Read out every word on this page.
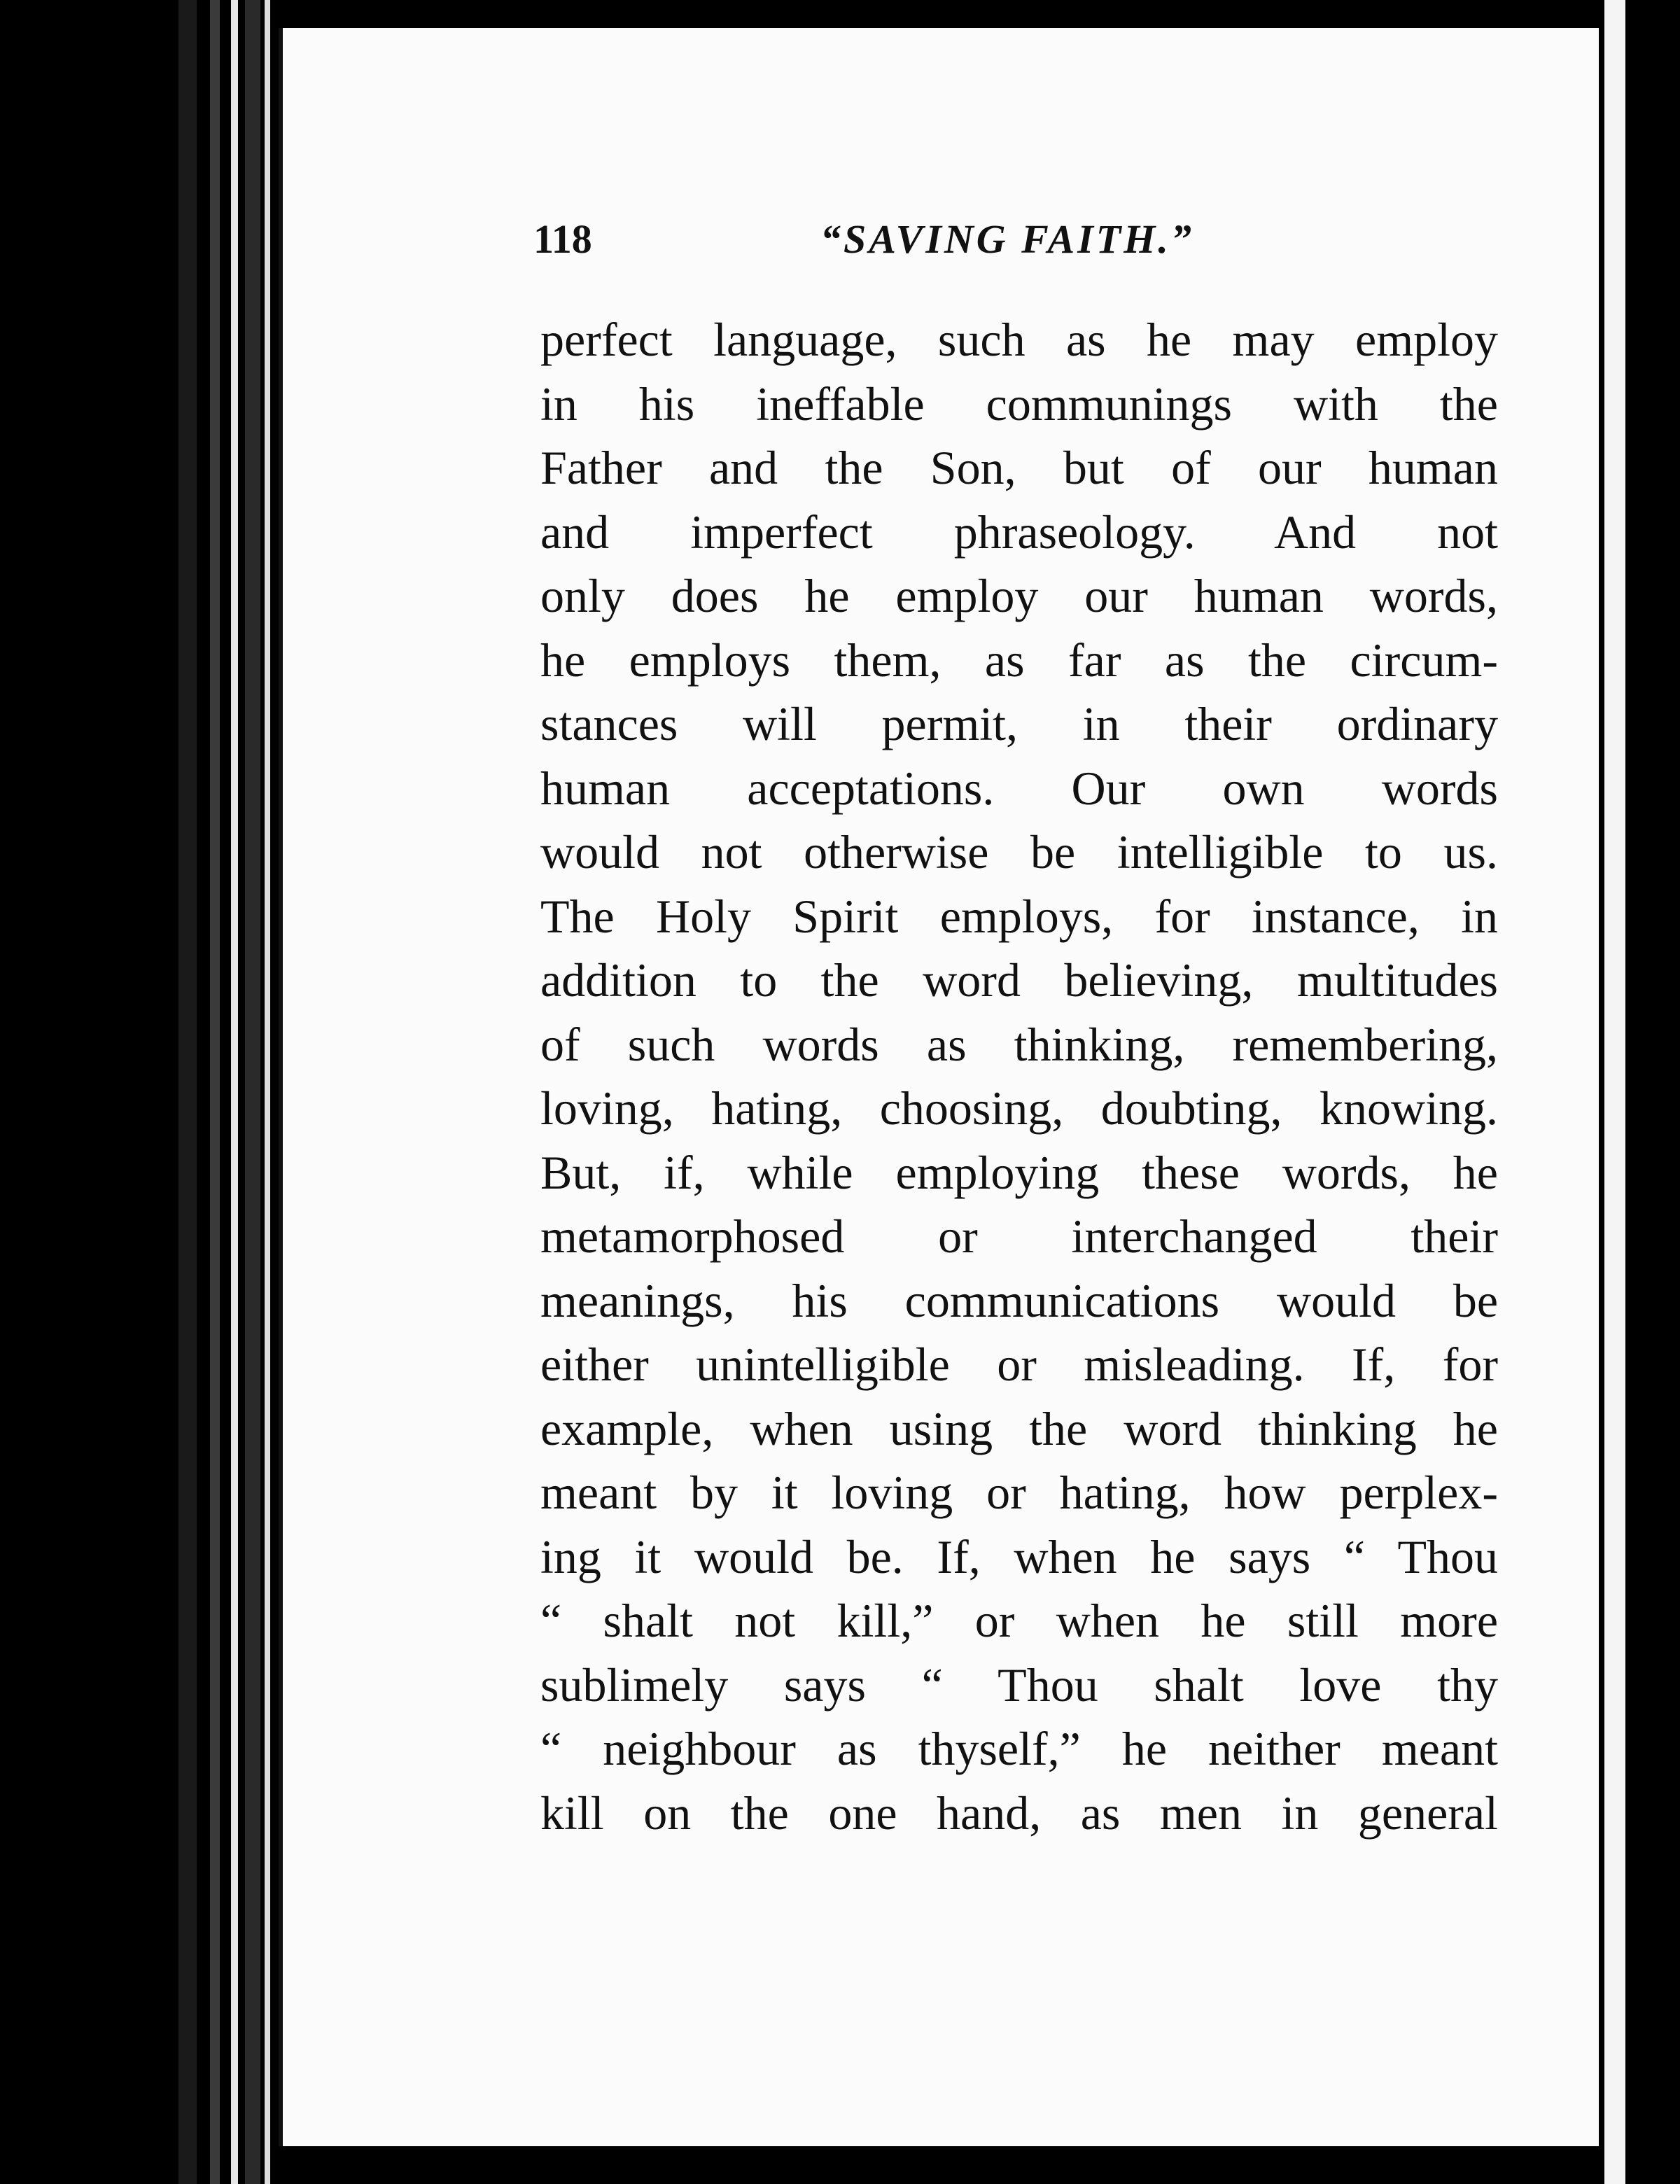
118	“SAVING FAITH.”
perfect language, such as he may employ
in his ineffable communings with the
Father and the Son, but of our human
and imperfect phraseology. And not
only does he employ our human words,
he employs them, as far as the circum-
stances will permit, in their ordinary
human acceptations. Our own words
would not otherwise be intelligible to us.
The Holy Spirit employs, for instance, in
addition to the word believing, multitudes
of such words as thinking, remembering,
loving, hating, choosing, doubting, knowing.
But, if, while employing these words, he
metamorphosed or interchanged their
meanings, his communications would be
either unintelligible or misleading. If, for
example, when using the word thinking he
meant by it loving or hating, how perplex-
ing it would be. If, when he says “ Thou
“ shalt not kill,” or when he still more
sublimely says “ Thou shalt love thy
“ neighbour as thyself,” he neither meant
kill on the one hand, as men in general
